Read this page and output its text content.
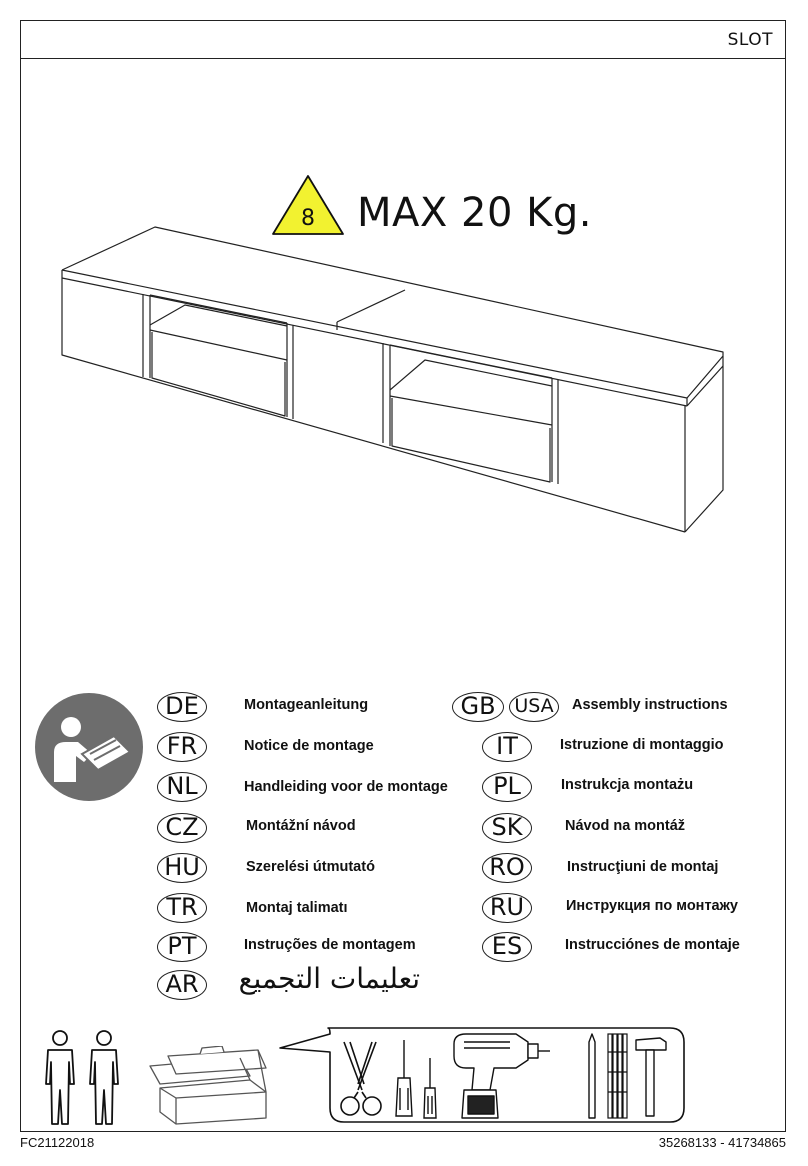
SLOT
8 MAX 20 Kg.
DE	Montageanleitung
FR	Notice de montage
NL	Handleiding voor de montage
CZ	Montážní návod
HU	Szerelési útmutató
TR	Montaj talimatı
PT	Instruções de montagem
AR	تعليمات التجميع
GB USA	Assembly instructions
IT	Istruzione di montaggio
PL	Instrukcja montażu
SK	Návod na montáž
RO	Instrucţiuni de montaj
RU	Инструкция по монтажу
ES	Instrucciónes de montaje
FC21122018	35268133 - 41734865
